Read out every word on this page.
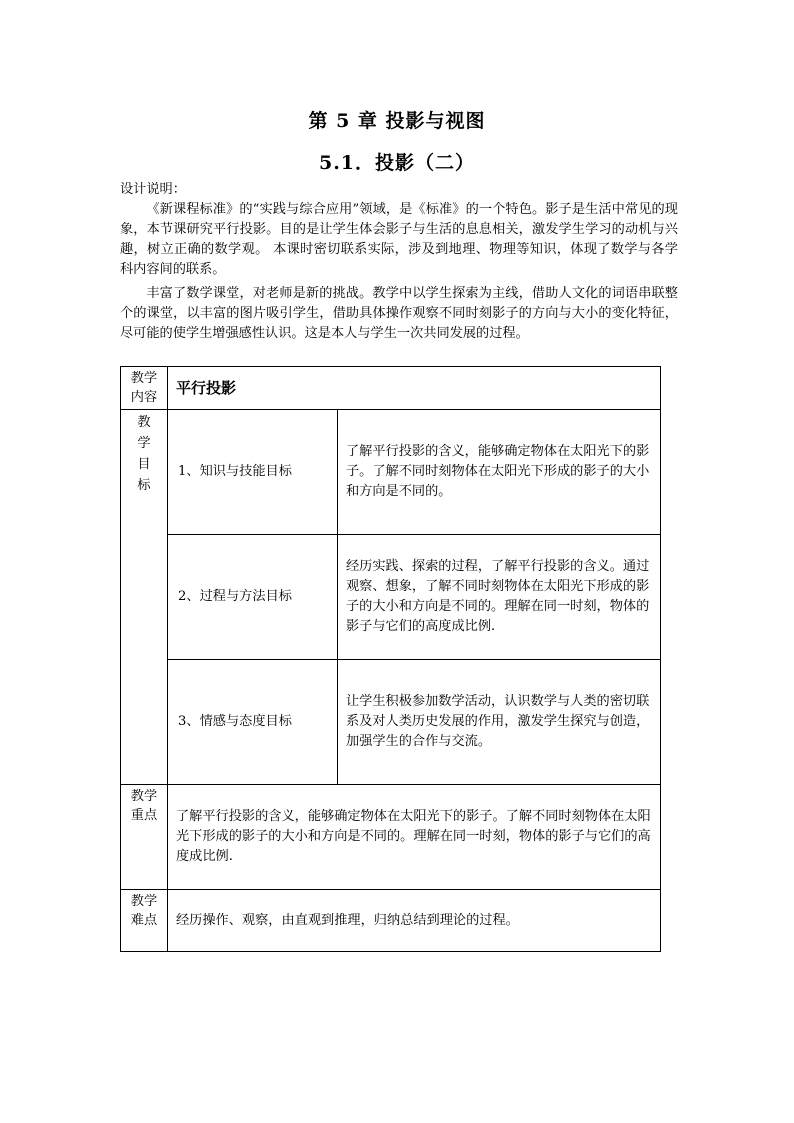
第 5 章 投影与视图
5.1．投影（二）
设计说明：
《新课程标准》的“实践与综合应用”领域，是《标准》的一个特色。影子是生活中常见的现象，本节课研究平行投影。目的是让学生体会影子与生活的息息相关，激发学生学习的动机与兴趣，树立正确的数学观。 本课时密切联系实际，涉及到地理、物理等知识，体现了数学与各学科内容间的联系。
丰富了数学课堂，对老师是新的挑战。教学中以学生探索为主线，借助人文化的词语串联整个的课堂，以丰富的图片吸引学生，借助具体操作观察不同时刻影子的方向与大小的变化特征，尽可能的使学生增强感性认识。这是本人与学生一次共同发展的过程。
教学内容	平行投影	

教学目标	1、知识与技能目标	了解平行投影的含义，能够确定物体在太阳光下的影子。了解不同时刻物体在太阳光下形成的影子的大小和方向是不同的。
	2、过程与方法目标	经历实践、探索的过程，了解平行投影的含义。通过观察、想象，了解不同时刻物体在太阳光下形成的影子的大小和方向是不同的。理解在同一时刻，物体的影子与它们的高度成比例.
	3、情感与态度目标	让学生积极参加数学活动，认识数学与人类的密切联系及对人类历史发展的作用，激发学生探究与创造，加强学生的合作与交流。

教学重点	了解平行投影的含义，能够确定物体在太阳光下的影子。了解不同时刻物体在太阳光下形成的影子的大小和方向是不同的。理解在同一时刻，物体的影子与它们的高度成比例.	

教学难点	经历操作、观察，由直观到推理，归纳总结到理论的过程。	
